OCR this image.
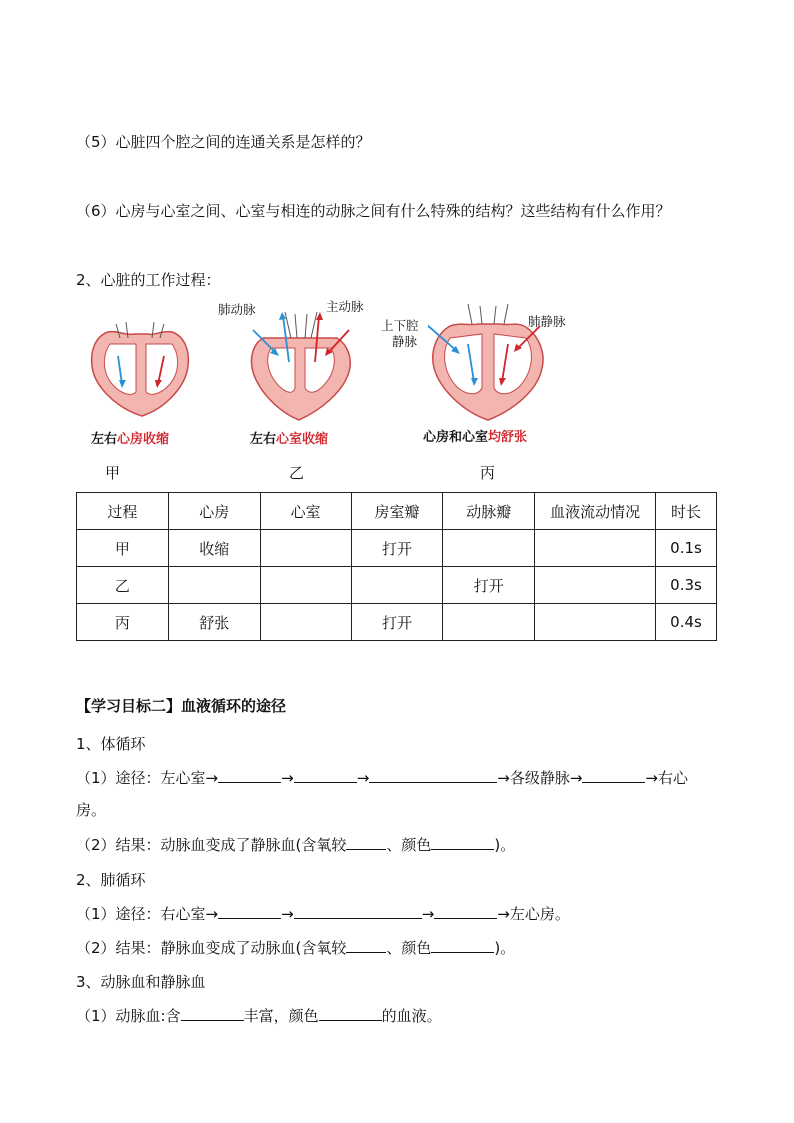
（5）心脏四个腔之间的连通关系是怎样的？
（6）心房与心室之间、心室与相连的动脉之间有什么特殊的结构？这些结构有什么作用？
2、心脏的工作过程：
左右心房收缩
肺动脉	主动脉
左右心室收缩
上下腔
静脉
肺静脉
心房和心室均舒张
甲	乙	丙
过程	心房	心室	房室瓣	动脉瓣	血液流动情况	时长
甲	收缩		打开			0.1s
乙				打开		0.3s
丙	舒张		打开			0.4s
【学习目标二】血液循环的途径
1、体循环
（1）途径：左心室→	→	→	→各级静脉→	→右心
房。
（2）结果：动脉血变成了静脉血(含氧较	、颜色	)。
2、肺循环
（1）途径：右心室→	→	→	→左心房。
（2）结果：静脉血变成了动脉血(含氧较	、颜色	)。
3、动脉血和静脉血
（1）动脉血:含	丰富，颜色	的血液。
